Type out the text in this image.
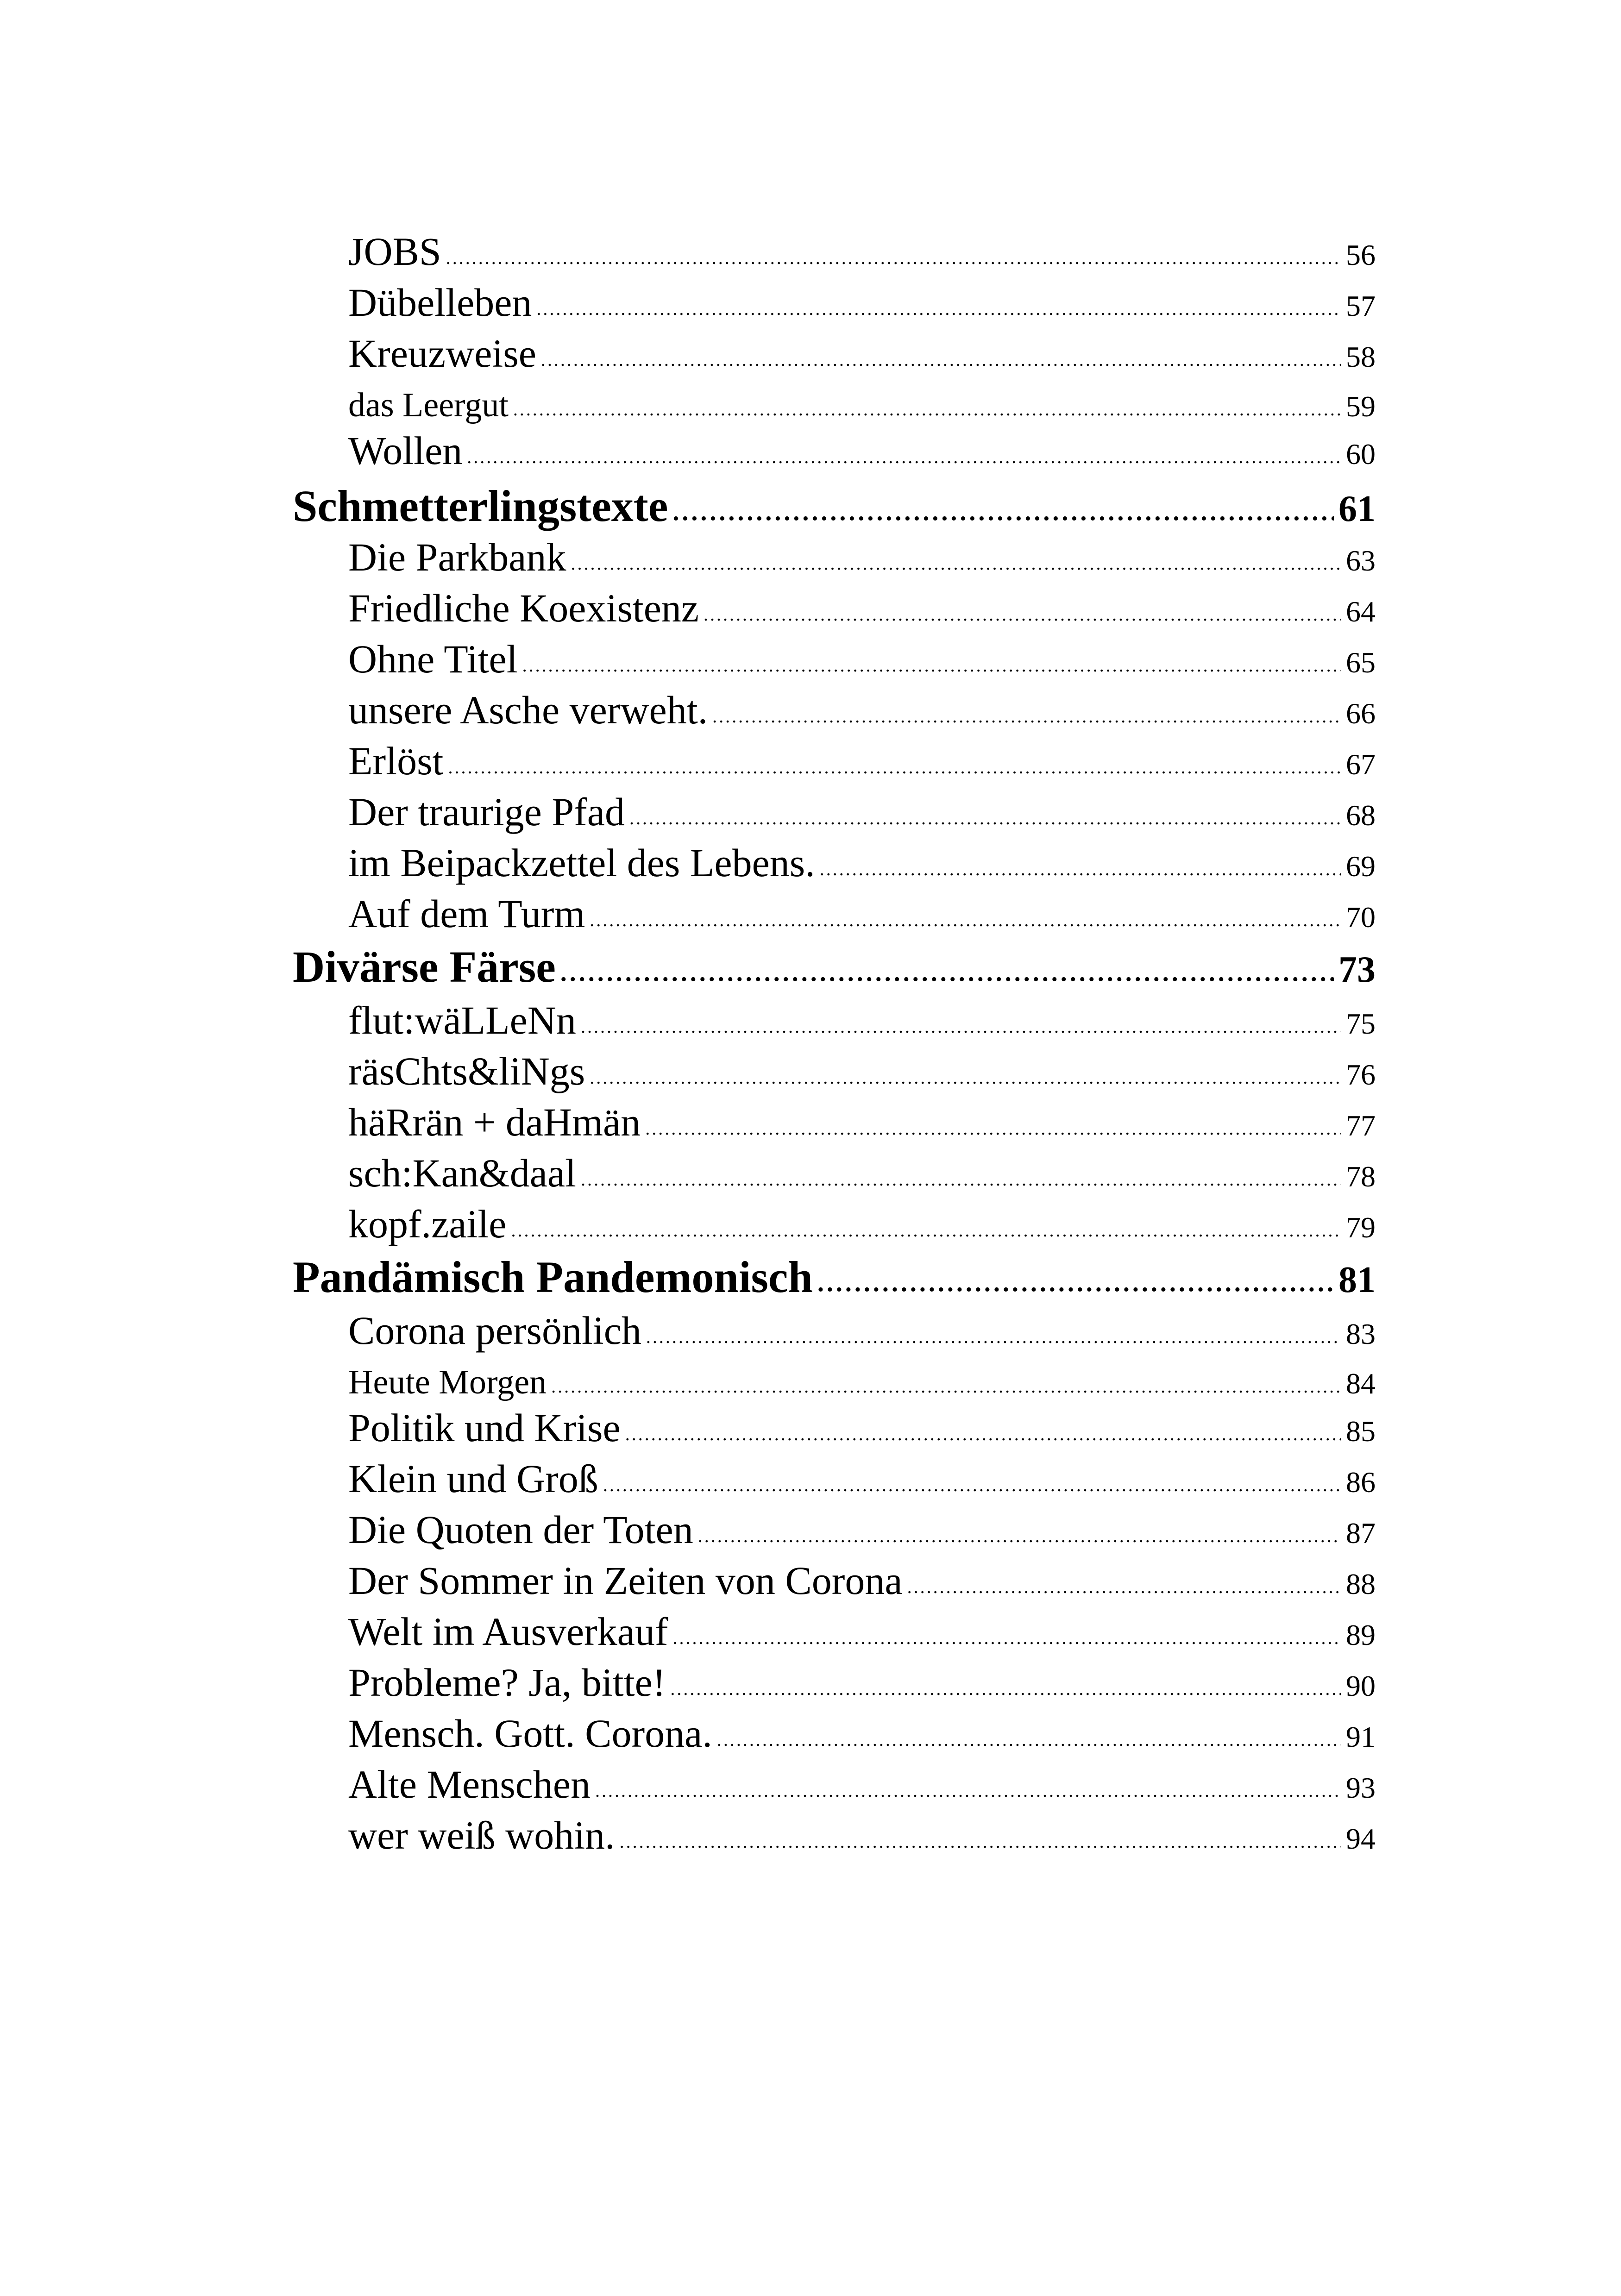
JOBS .....	56
Dübelleben .....	57
Kreuzweise .....	58
das Leergut .....	59
Wollen .....	60
Schmetterlingstexte .....	61
Die Parkbank .....	63
Friedliche Koexistenz .....	64
Ohne Titel .....	65
unsere Asche verweht. .....	66
Erlöst .....	67
Der traurige Pfad .....	68
im Beipackzettel des Lebens. .....	69
Auf dem Turm .....	70
Divärse Färse .....	73
flut:wäLLeNn .....	75
räsChts&liNgs .....	76
häRrän + daHmän .....	77
sch:Kan&daal .....	78
kopf.zaile .....	79
Pandämisch Pandemonisch .....	81
Corona persönlich .....	83
Heute Morgen .....	84
Politik und Krise .....	85
Klein und Groß .....	86
Die Quoten der Toten .....	87
Der Sommer in Zeiten von Corona .....	88
Welt im Ausverkauf .....	89
Probleme? Ja, bitte! .....	90
Mensch. Gott. Corona. .....	91
Alte Menschen .....	93
wer weiß wohin. .....	94
